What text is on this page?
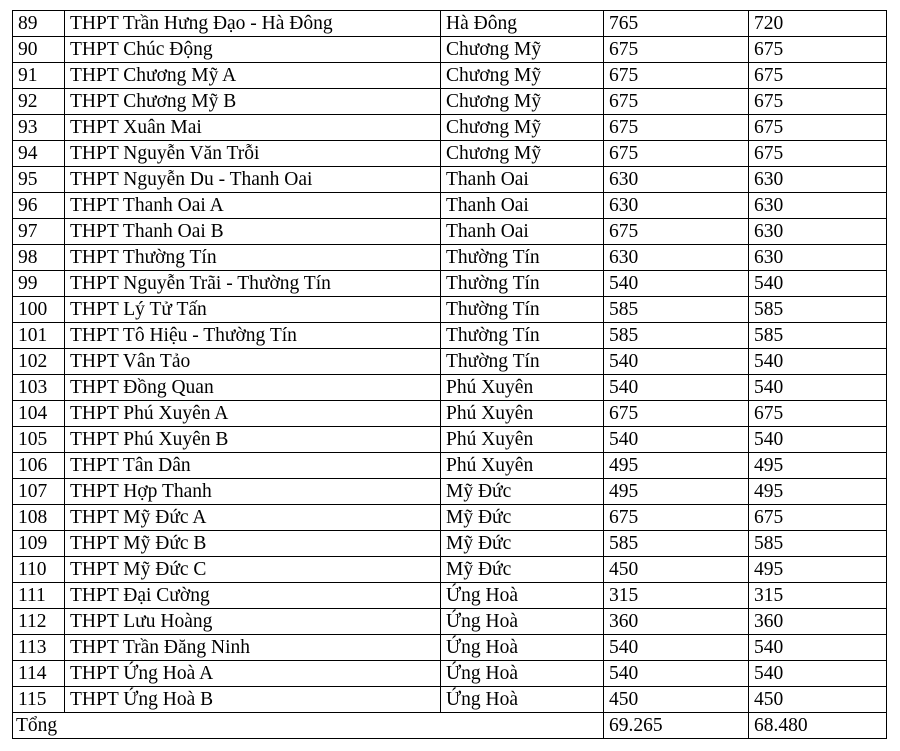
89	THPT Trần Hưng Đạo - Hà Đông	Hà Đông	765	720
90	THPT Chúc Động	Chương Mỹ	675	675
91	THPT Chương Mỹ A	Chương Mỹ	675	675
92	THPT Chương Mỹ B	Chương Mỹ	675	675
93	THPT Xuân Mai	Chương Mỹ	675	675
94	THPT Nguyễn Văn Trỗi	Chương Mỹ	675	675
95	THPT Nguyễn Du - Thanh Oai	Thanh Oai	630	630
96	THPT Thanh Oai A	Thanh Oai	630	630
97	THPT Thanh Oai B	Thanh Oai	675	630
98	THPT Thường Tín	Thường Tín	630	630
99	THPT Nguyễn Trãi - Thường Tín	Thường Tín	540	540
100	THPT Lý Tử Tấn	Thường Tín	585	585
101	THPT Tô Hiệu - Thường Tín	Thường Tín	585	585
102	THPT Vân Tảo	Thường Tín	540	540
103	THPT Đồng Quan	Phú Xuyên	540	540
104	THPT Phú Xuyên A	Phú Xuyên	675	675
105	THPT Phú Xuyên B	Phú Xuyên	540	540
106	THPT Tân Dân	Phú Xuyên	495	495
107	THPT Hợp Thanh	Mỹ Đức	495	495
108	THPT Mỹ Đức A	Mỹ Đức	675	675
109	THPT Mỹ Đức B	Mỹ Đức	585	585
110	THPT Mỹ Đức C	Mỹ Đức	450	495
111	THPT Đại Cường	Ứng Hoà	315	315
112	THPT Lưu Hoàng	Ứng Hoà	360	360
113	THPT Trần Đăng Ninh	Ứng Hoà	540	540
114	THPT Ứng Hoà A	Ứng Hoà	540	540
115	THPT Ứng Hoà B	Ứng Hoà	450	450
Tổng			69.265	68.480
